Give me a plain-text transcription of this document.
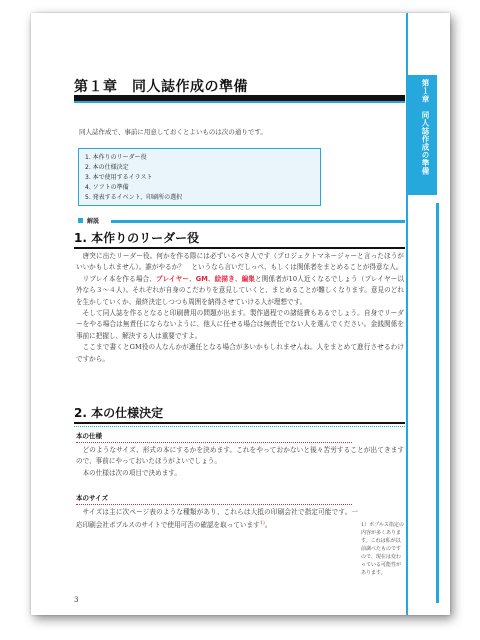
第１章　同人誌作成の準備
第１章　同人誌作成の準備
同人誌作成で、事前に用意しておくとよいものは次の通りです。
1. 本作りのリーダー役
2. 本の仕様決定
3. 本で使用するイラスト
4. ソフトの準備
5. 発表するイベント、印刷所の選択
解説
1. 本作りのリーダー役

唐突に出たリーダー役。何かを作る際には必ずいるべき人です（プロジェクトマネージャーと言ったほうがいいかもしれません）。誰がやるか？　というなら言いだしっぺ、もしくは関係者をまとめることが得意な人。

リプレイ本を作る場合、プレイヤー、GM、絵描き、編集と関係者が10人近くなるでしょう（プレイヤー以外なら３～４人）。それぞれが自身のこだわりを意見していくと、まとめることが難しくなります。意見のどれを生かしていくか、最終決定しつつも周囲を納得させていける人が理想です。

そして同人誌を作るとなると印刷費用の問題が出ます。製作過程での諸経費もあるでしょう。自身でリーダーをやる場合は無責任にならないように、他人に任せる場合は無責任でない人を選んでください。金銭関係を事前に把握し、解決する人は重要ですよ。

ここまで書くとGM役の人なんかが適任となる場合が多いかもしれませんね。人をまとめて進行させるわけですから。

2. 本の仕様決定
本の仕様

どのようなサイズ、形式の本にするかを決めます。これをやっておかないと後々苦労することが出てきますので、事前にやっておいたほうがよいでしょう。

本の仕様は次の項目で決めます。

本のサイズ

サイズは主に次ページ表のような種類があり、これらは大抵の印刷会社で指定可能です。一応印刷会社ポプルスのサイトで使用可否の確認を取っています$^{1)}$。	1）ポプルス指定の内容が多くあります。これは私が以前調べたものですので、現在は変わっている可能性があります。
3
